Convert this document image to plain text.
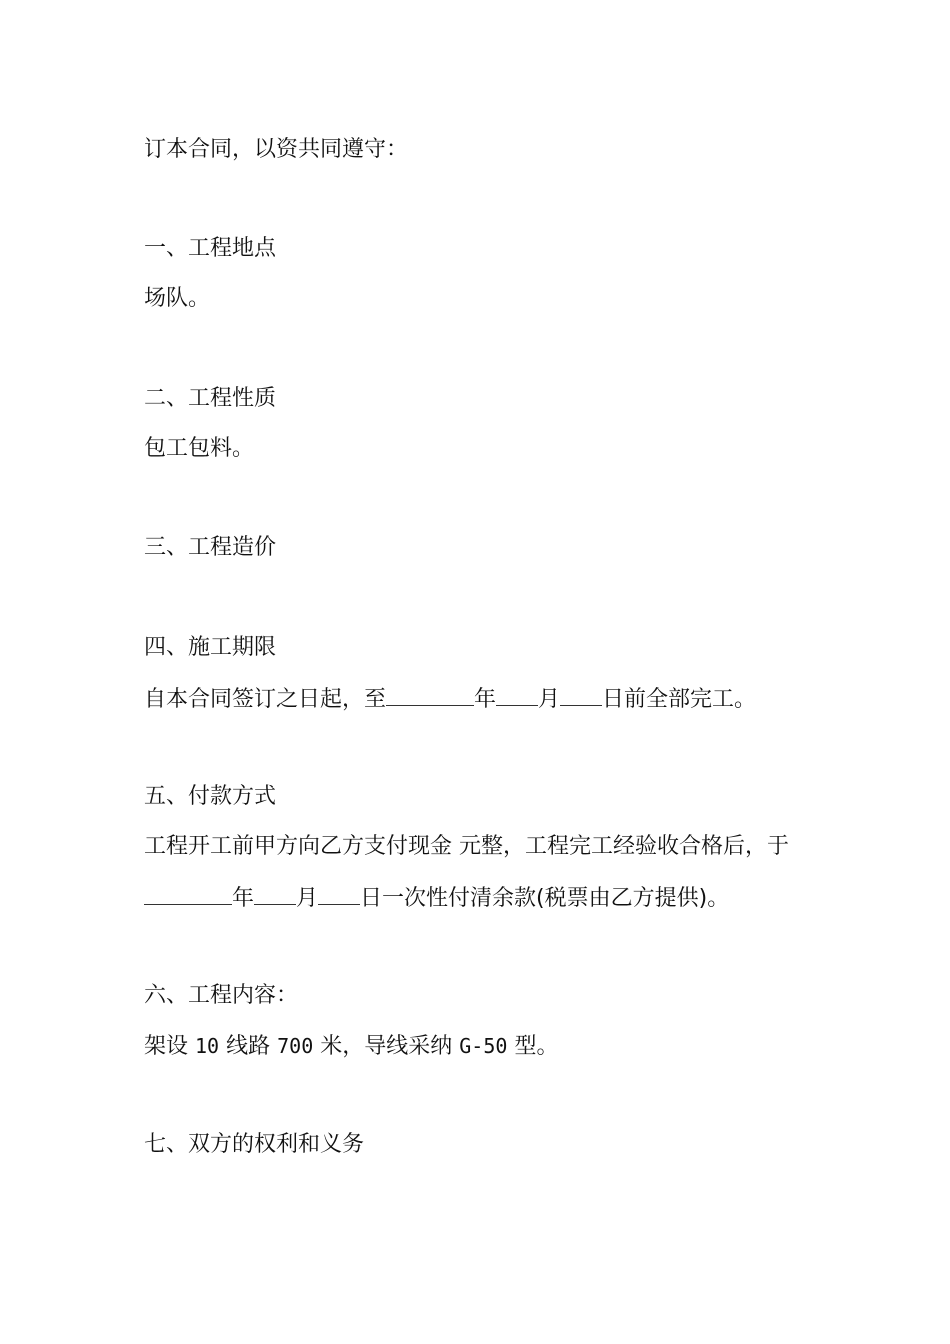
订本合同，以资共同遵守：
一、工程地点
场队。
二、工程性质
包工包料。
三、工程造价
四、施工期限
自本合同签订之日起，至	年 月 日前全部完工。
五、付款方式
工程开工前甲方向乙方支付现金 元整，工程完工经验收合格后，于
年 月 日一次性付清余款(税票由乙方提供)。
六、工程内容：
架设 10 线路 700 米，导线采纳 G-50 型。
七、双方的权利和义务
